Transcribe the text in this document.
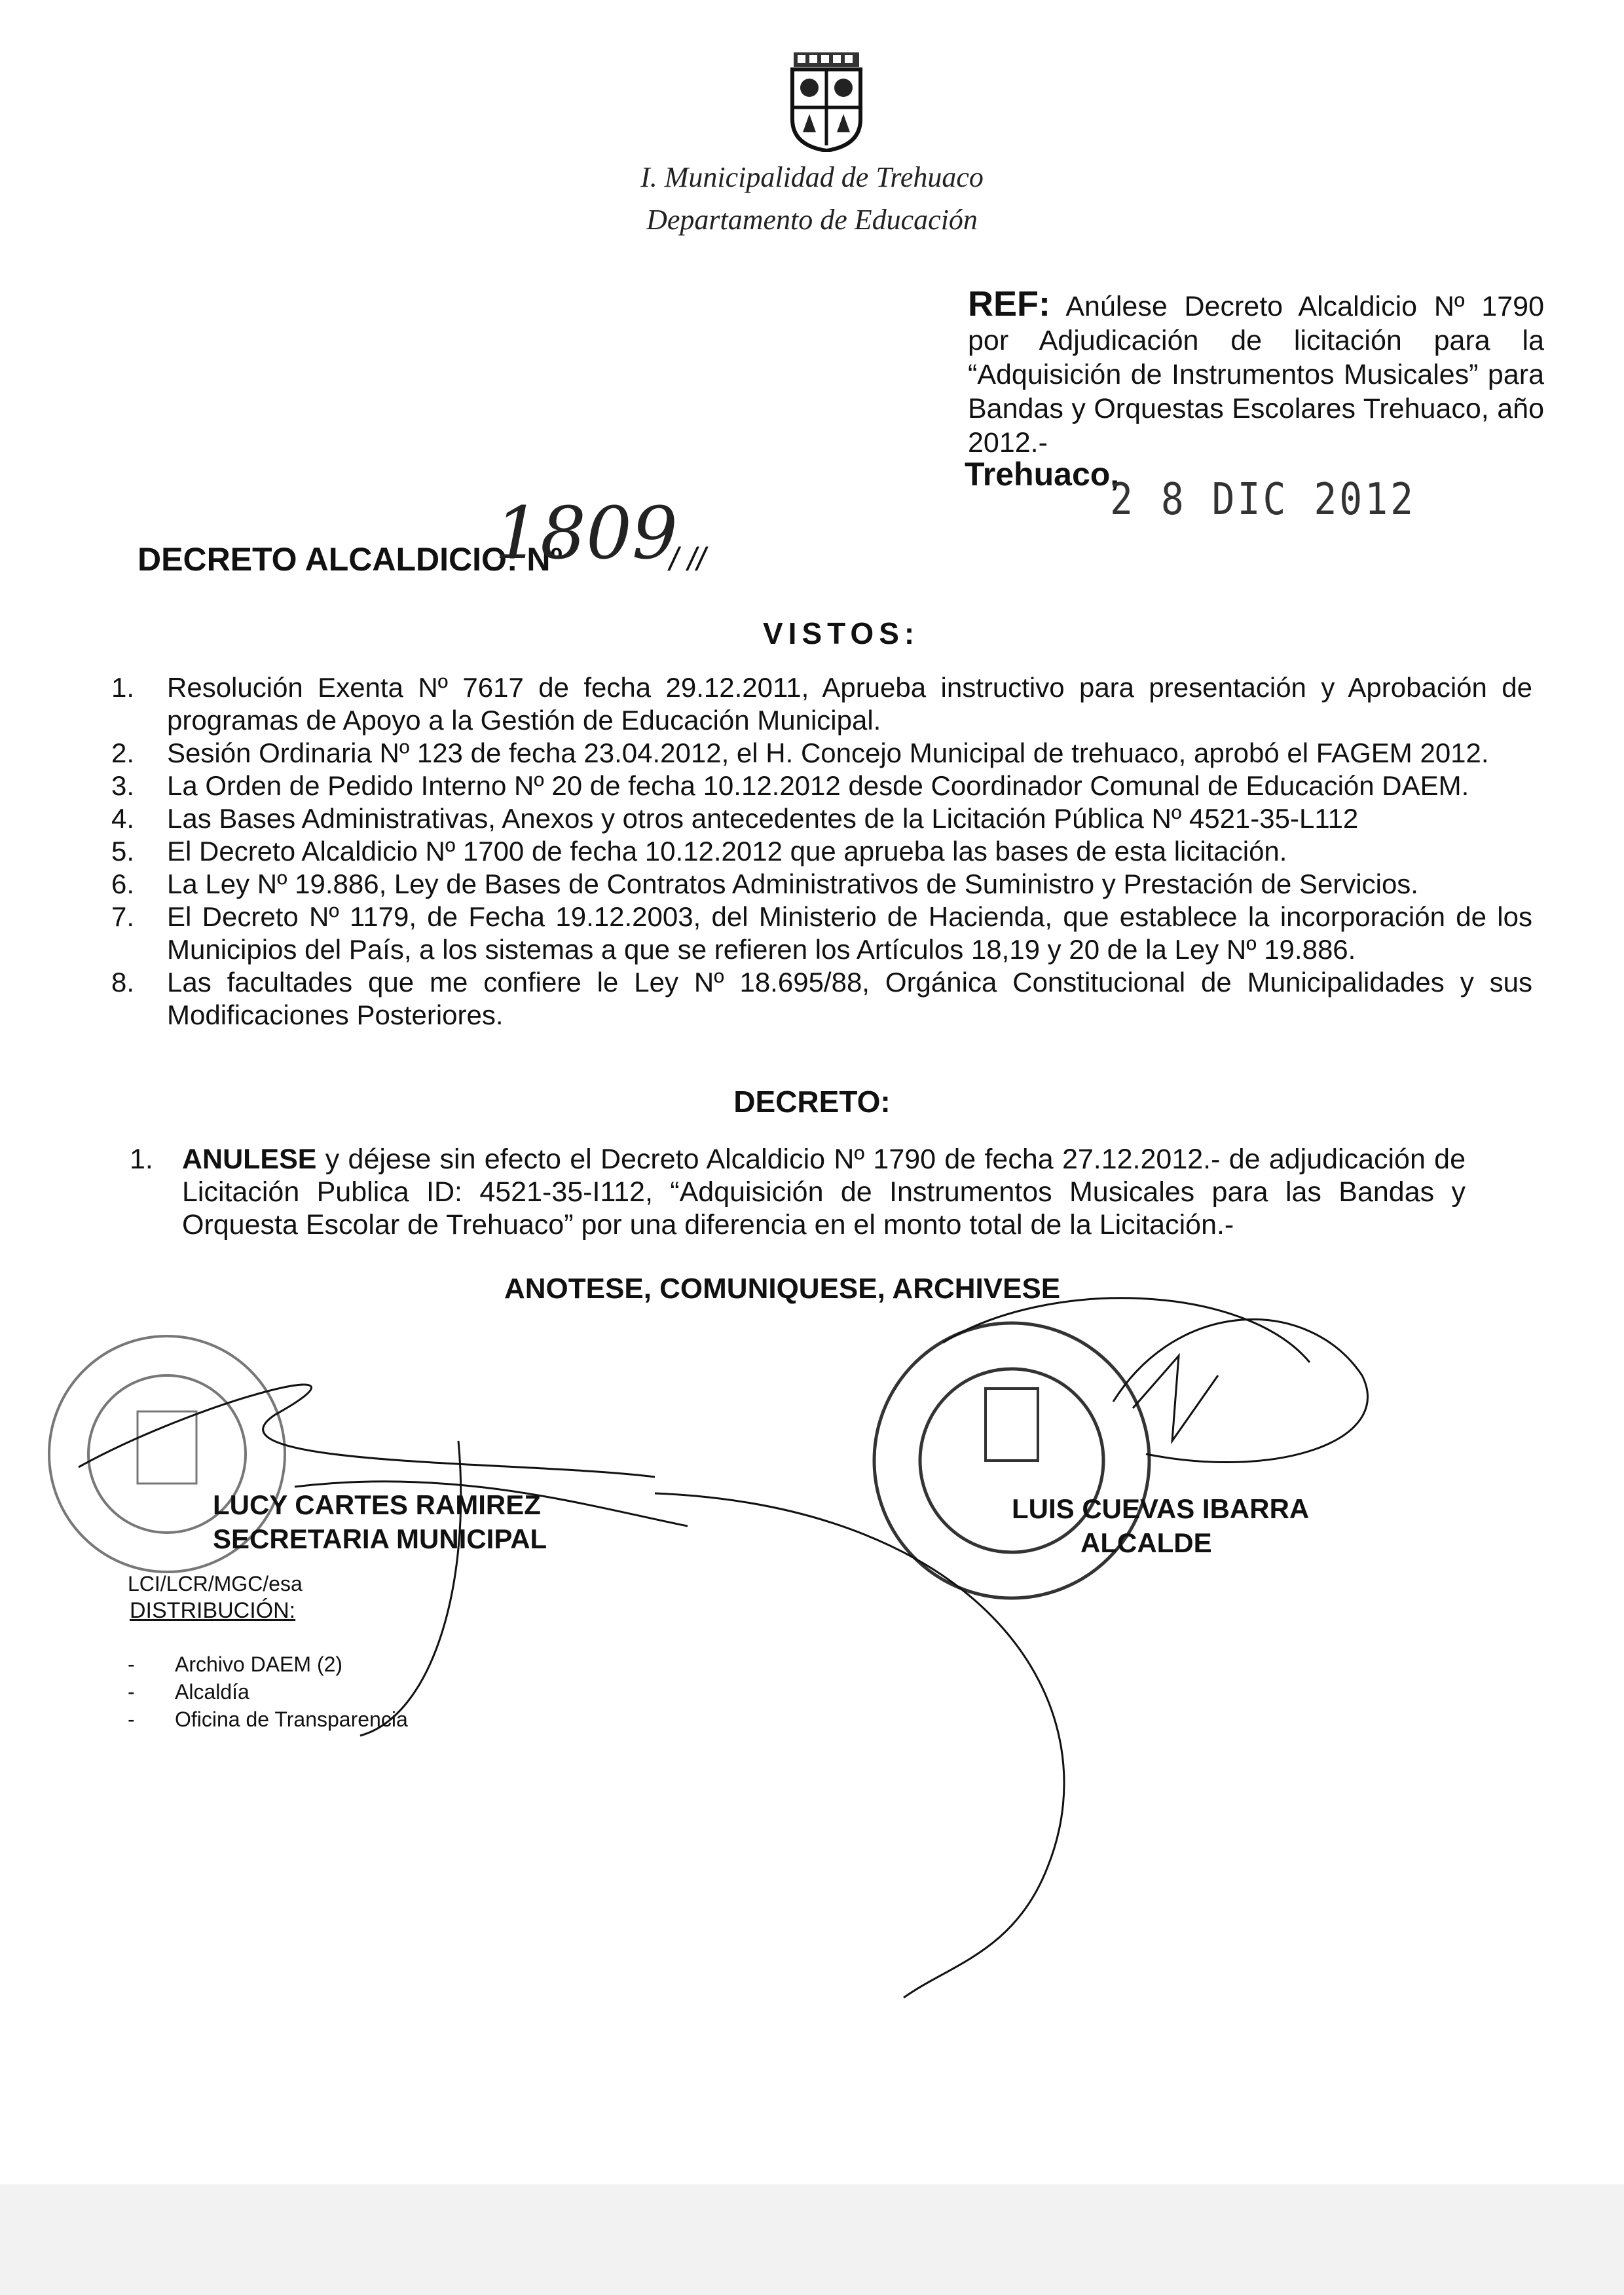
I. Municipalidad de Trehuaco
Departamento de Educación
REF: Anúlese Decreto Alcaldicio Nº 1790 por Adjudicación de licitación para la “Adquisición de Instrumentos Musicales” para Bandas y Orquestas Escolares Trehuaco, año 2012.-
Trehuaco,
2 8 DIC 2012
DECRETO ALCALDICIO: Nº
1809
/ //
VISTOS:
1. Resolución Exenta Nº 7617 de fecha 29.12.2011, Aprueba instructivo para presentación y Aprobación de programas de Apoyo a la Gestión de Educación Municipal.
2. Sesión Ordinaria Nº 123 de fecha 23.04.2012, el H. Concejo Municipal de trehuaco, aprobó el FAGEM 2012.
3. La Orden de Pedido Interno Nº 20 de fecha 10.12.2012 desde Coordinador Comunal de Educación DAEM.
4. Las Bases Administrativas, Anexos y otros antecedentes de la Licitación Pública Nº 4521-35-L112
5. El Decreto Alcaldicio Nº 1700 de fecha 10.12.2012 que aprueba las bases de esta licitación.
6. La Ley Nº 19.886, Ley de Bases de Contratos Administrativos de Suministro y Prestación de Servicios.
7. El Decreto Nº 1179, de Fecha 19.12.2003, del Ministerio de Hacienda, que establece la incorporación de los Municipios del País, a los sistemas a que se refieren los Artículos 18,19 y 20 de la Ley Nº 19.886.
8. Las facultades que me confiere le Ley Nº 18.695/88, Orgánica Constitucional de Municipalidades y sus Modificaciones Posteriores.
DECRETO:
1. ANULESE y déjese sin efecto el Decreto Alcaldicio Nº 1790 de fecha 27.12.2012.- de adjudicación de Licitación Publica ID: 4521-35-I112, “Adquisición de Instrumentos Musicales para las Bandas y Orquesta Escolar de Trehuaco” por una diferencia en el monto total de la Licitación.-
ANOTESE, COMUNIQUESE, ARCHIVESE
LUCY CARTES RAMIREZ
SECRETARIA MUNICIPAL
LUIS CUEVAS IBARRA
ALCALDE
LCI/LCR/MGC/esa
DISTRIBUCIÓN:
- Archivo DAEM (2)
- Alcaldía
- Oficina de Transparencia
